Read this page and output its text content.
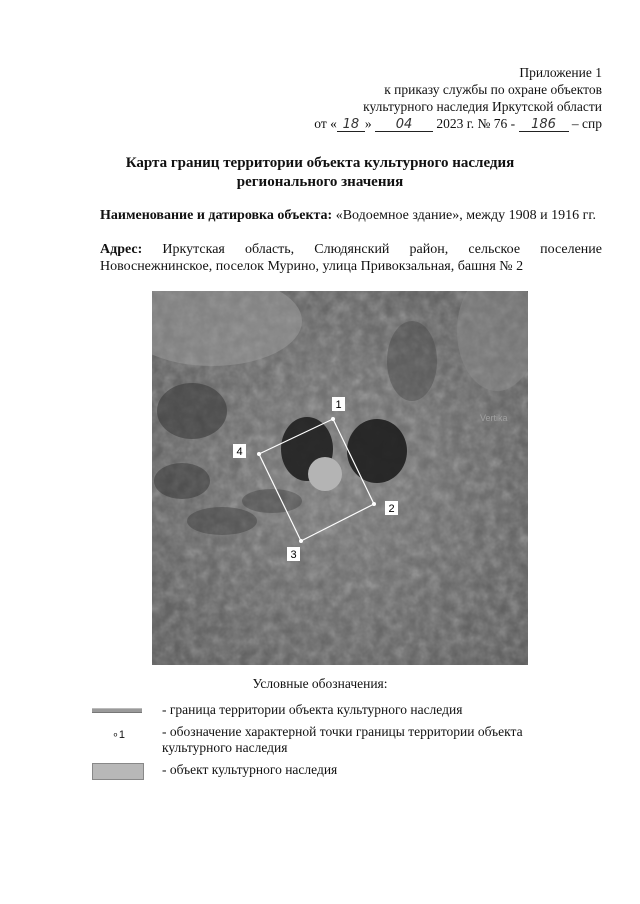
Приложение 1
к приказу службы по охране объектов
культурного наследия Иркутской области
от « 18 » 04 2023 г. № 76 - 186 – спр
Карта границ территории объекта культурного наследия
регионального значения
Наименование и датировка объекта: «Водоемное здание», между 1908 и 1916 гг.
Адрес: Иркутская область, Слюдянский район, сельское поселение Новоснежнинское, поселок Мурино, улица Привокзальная, башня № 2
1
2
3
4
Vertika
Условные обозначения:
- граница территории объекта культурного наследия
∘1	- обозначение характерной точки границы территории объекта культурного наследия
- объект культурного наследия
